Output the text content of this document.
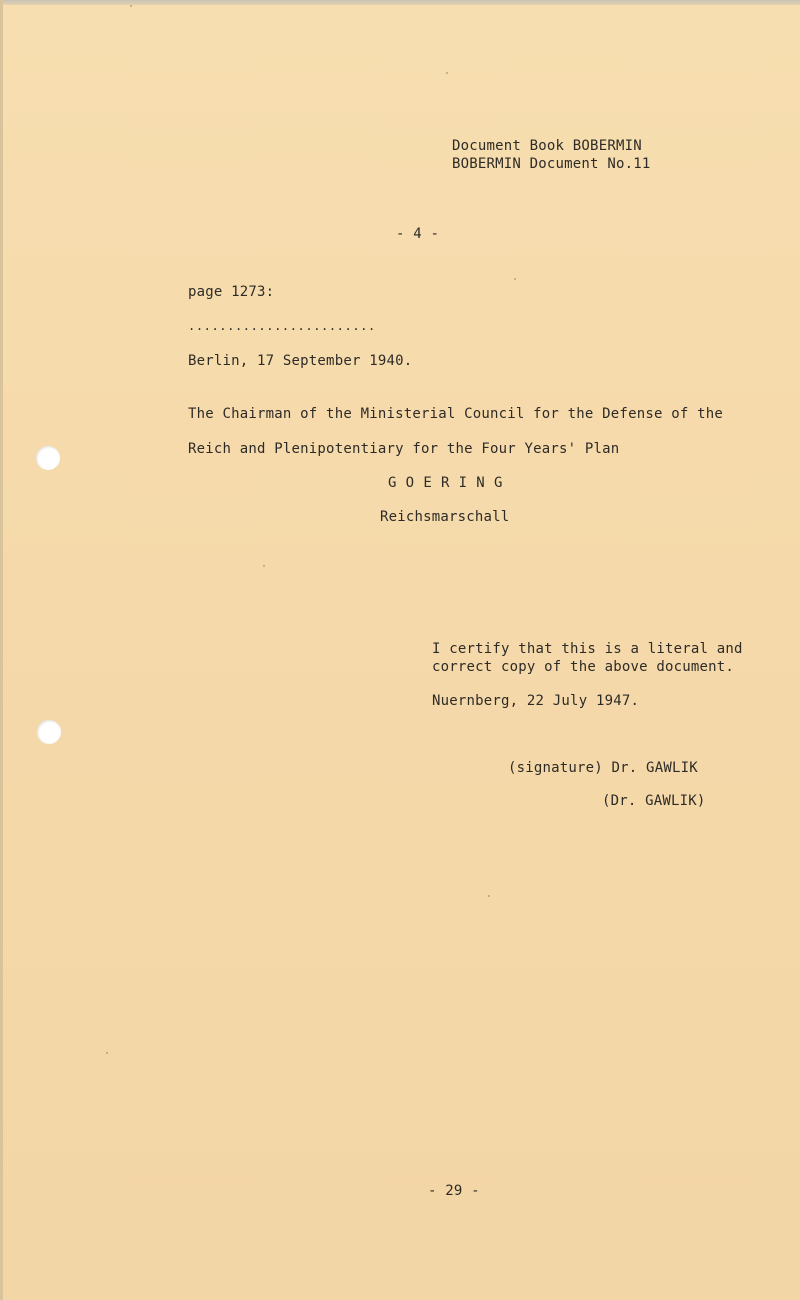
Document Book BOBERMIN
BOBERMIN Document No.11
- 4 -
page 1273:
........................
Berlin, 17 September 1940.
The Chairman of the Ministerial Council for the Defense of the
Reich and Plenipotentiary for the Four Years' Plan
G O E R I N G
Reichsmarschall
I certify that this is a literal and
correct copy of the above document.
Nuernberg, 22 July 1947.
(signature) Dr. GAWLIK
(Dr. GAWLIK)
- 29 -
